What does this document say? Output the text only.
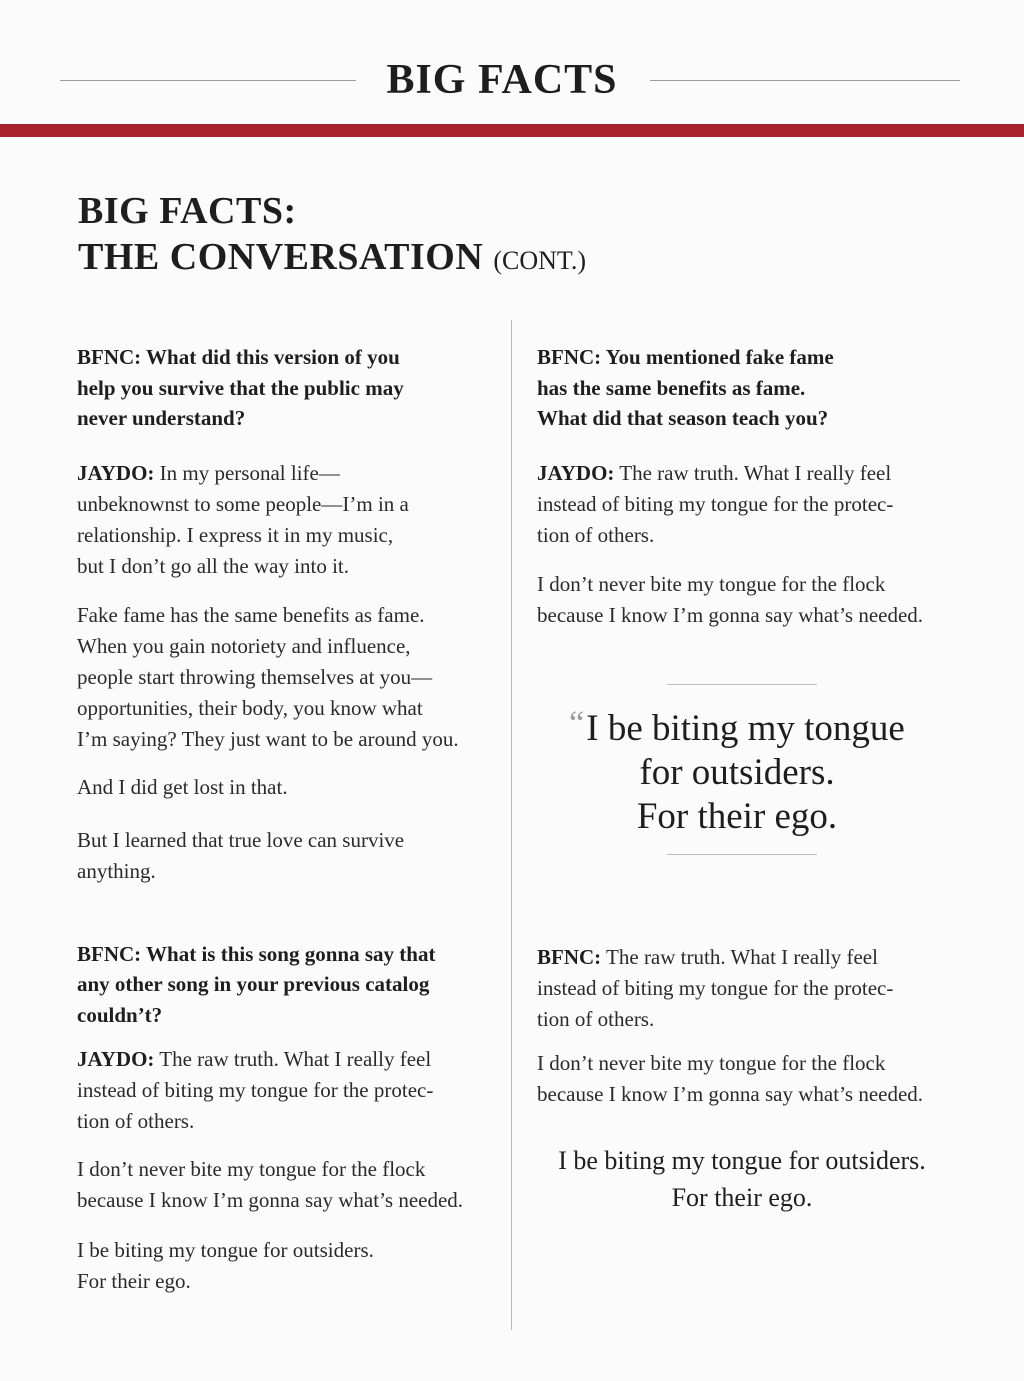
BIG FACTS
BIG FACTS:
THE CONVERSATION (CONT.)

BFNC: What did this version of you
help you survive that the public may
never understand?

JAYDO: In my personal life—
unbeknownst to some people—I’m in a
relationship. I express it in my music,
but I don’t go all the way into it.

Fake fame has the same benefits as fame.
When you gain notoriety and influence,
people start throwing themselves at you—
opportunities, their body, you know what
I’m saying? They just want to be around you.

And I did get lost in that.

But I learned that true love can survive
anything.

BFNC: What is this song gonna say that
any other song in your previous catalog
couldn’t?

JAYDO: The raw truth. What I really feel
instead of biting my tongue for the protec-
tion of others.

I don’t never bite my tongue for the flock
because I know I’m gonna say what’s needed.

I be biting my tongue for outsiders.
For their ego.

BFNC: You mentioned fake fame
has the same benefits as fame.
What did that season teach you?

JAYDO: The raw truth. What I really feel
instead of biting my tongue for the protec-
tion of others.

I don’t never bite my tongue for the flock
because I know I’m gonna say what’s needed.

“I be biting my tongue
for outsiders.
For their ego.

BFNC: The raw truth. What I really feel
instead of biting my tongue for the protec-
tion of others.

I don’t never bite my tongue for the flock
because I know I’m gonna say what’s needed.

I be biting my tongue for outsiders.
For their ego.
